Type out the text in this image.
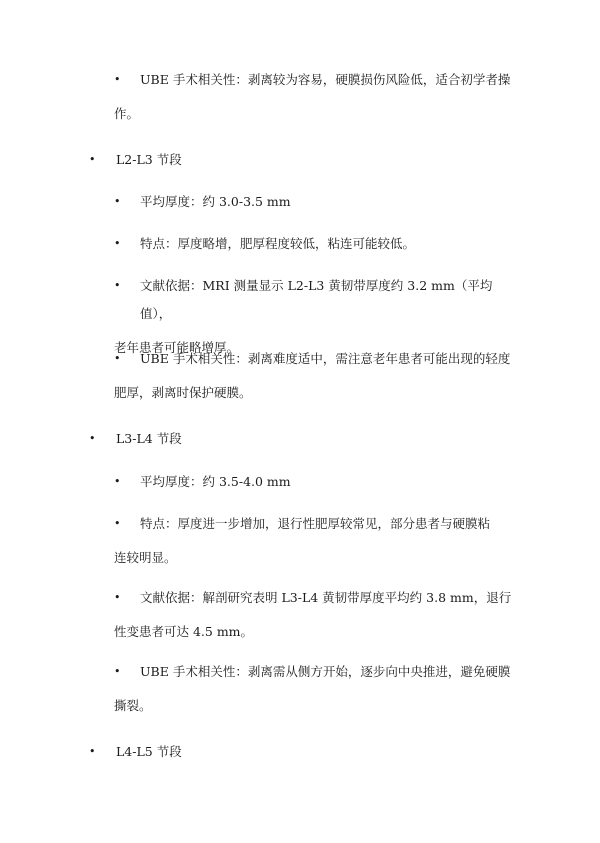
• UBE 手术相关性：剥离较为容易，硬膜损伤风险低，适合初学者操
作。
• L2-L3 节段
• 平均厚度：约 3.0-3.5 mm
• 特点：厚度略增，肥厚程度较低，粘连可能较低。
• 文献依据：MRI 测量显示 L2-L3 黄韧带厚度约 3.2 mm（平均值），
老年患者可能略增厚。
• UBE 手术相关性：剥离难度适中，需注意老年患者可能出现的轻度
肥厚，剥离时保护硬膜。
• L3-L4 节段
• 平均厚度：约 3.5-4.0 mm
• 特点：厚度进一步增加，退行性肥厚较常见，部分患者与硬膜粘
连较明显。
• 文献依据：解剖研究表明 L3-L4 黄韧带厚度平均约 3.8 mm，退行
性变患者可达 4.5 mm。
• UBE 手术相关性：剥离需从侧方开始，逐步向中央推进，避免硬膜
撕裂。
• L4-L5 节段
